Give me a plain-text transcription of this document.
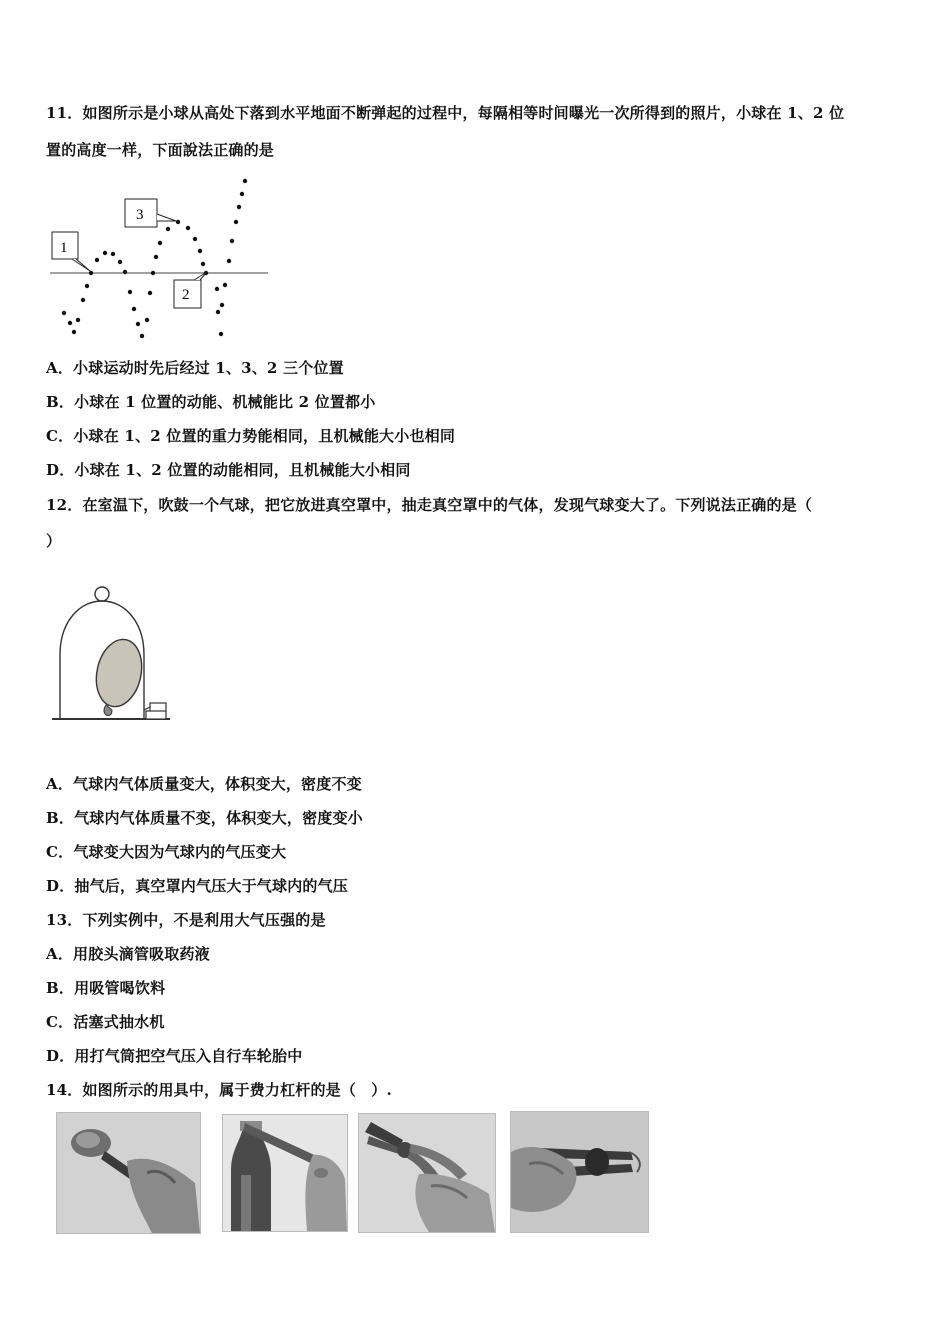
11．如图所示是小球从高处下落到水平地面不断弹起的过程中，每隔相等时间曝光一次所得到的照片，小球在 1、2 位
置的高度一样，下面說法正确的是
1
3
2
A．小球运动时先后经过 1、3、2 三个位置
B．小球在 1 位置的动能、机械能比 2 位置都小
C．小球在 1、2 位置的重力势能相同，且机械能大小也相同
D．小球在 1、2 位置的动能相同，且机械能大小相同
12．在室温下，吹鼓一个气球，把它放进真空罩中，抽走真空罩中的气体，发现气球变大了。下列说法正确的是（
）
A．气球内气体质量变大，体积变大，密度不变
B．气球内气体质量不变，体积变大，密度变小
C．气球变大因为气球内的气压变大
D．抽气后，真空罩内气压大于气球内的气压
13．下列实例中，不是利用大气压强的是
A．用胶头滴管吸取药液
B．用吸管喝饮料
C．活塞式抽水机
D．用打气筒把空气压入自行车轮胎中
14．如图所示的用具中，属于费力杠杆的是（　）.
